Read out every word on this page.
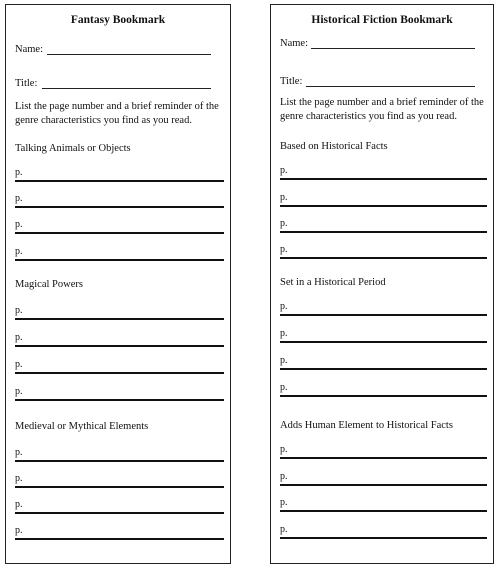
Fantasy Bookmark
Name:
Title:
List the page number and a brief reminder of the genre characteristics you find as you read.
Talking Animals or Objects
p.
p.
p.
p.
Magical Powers
p.
p.
p.
p.
Medieval or Mythical Elements
p.
p.
p.
p.
Historical Fiction Bookmark
Name:
Title:
List the page number and a brief reminder of the genre characteristics you find as you read.
Based on Historical Facts
p.
p.
p.
p.
Set in a Historical Period
p.
p.
p.
p.
Adds Human Element to Historical Facts
p.
p.
p.
p.
